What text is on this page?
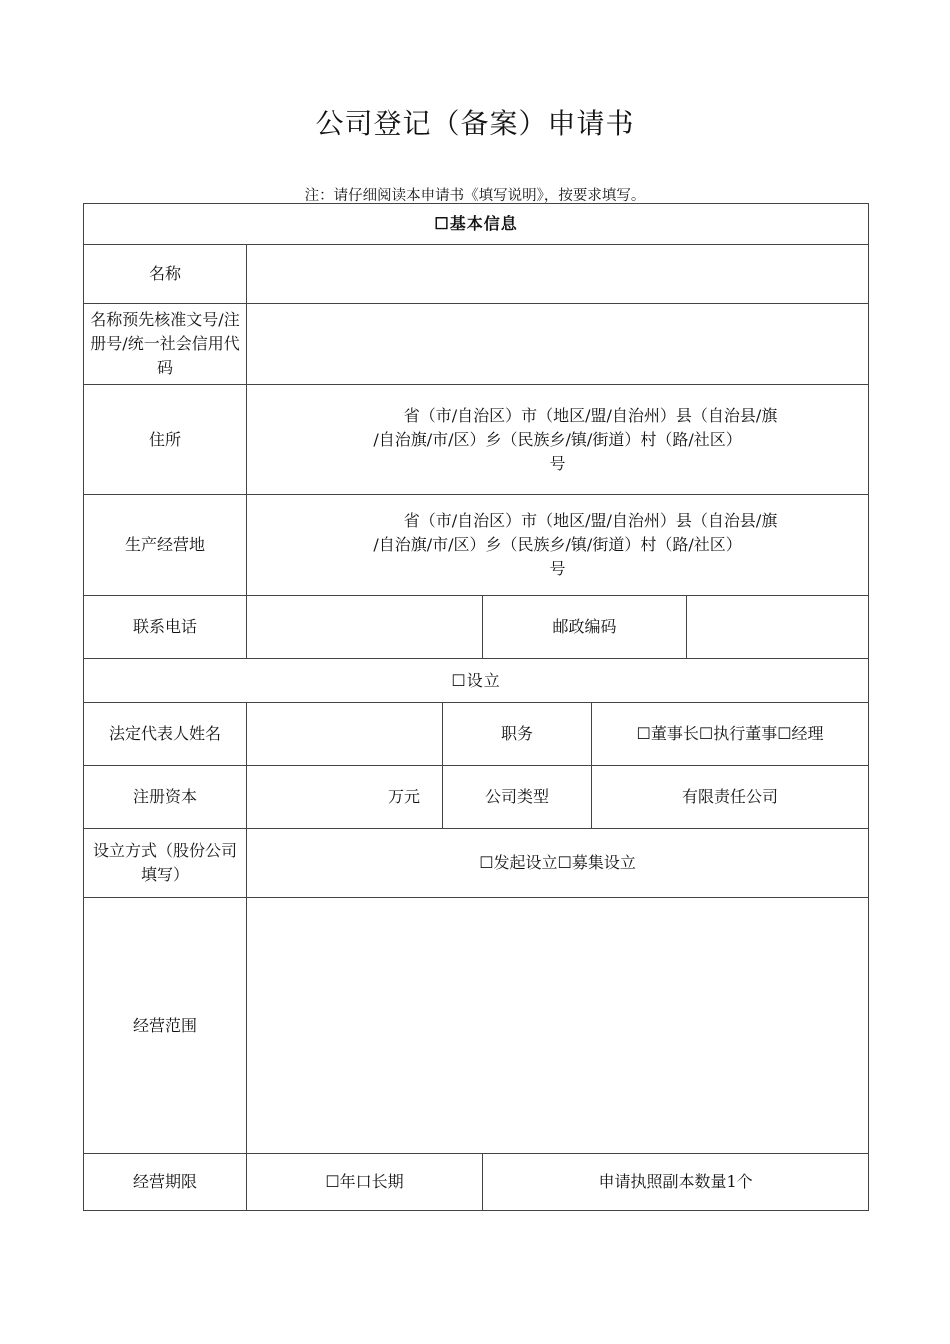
公司登记（备案）申请书
注：请仔细阅读本申请书《填写说明》，按要求填写。
☐基本信息					
名称					
名称预先核准文号/注册号/统一社会信用代码					
住所	省（市/自治区）市（地区/盟/自治州）县（自治县/旗
/自治旗/市/区）乡（民族乡/镇/街道）村（路/社区）
号				

生产经营地	省（市/自治区）市（地区/盟/自治州）县（自治县/旗
/自治旗/市/区）乡（民族乡/镇/街道）村（路/社区）
号				

联系电话			邮政编码		
☐设立					
法定代表人姓名		职务		☐董事长☐执行董事☐经理	
注册资本	万元	公司类型		有限责任公司	
设立方式（股份公司填写）	☐发起设立☐募集设立				
经营范围					
经营期限	☐年口长期		申请执照副本数量1个		
